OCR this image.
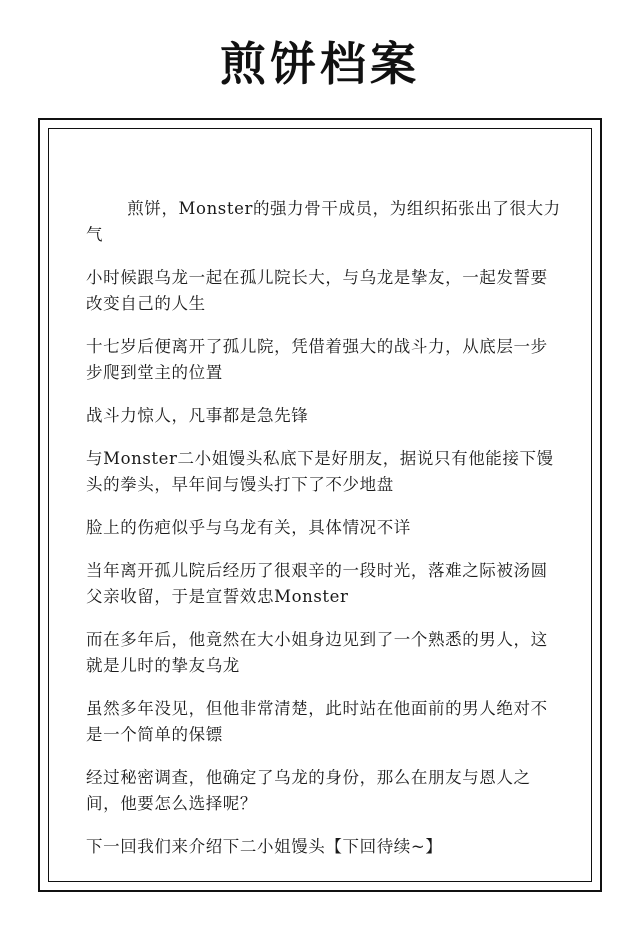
煎饼档案

煎饼，Monster的强力骨干成员，为组织拓张出了很大力气

小时候跟乌龙一起在孤儿院长大，与乌龙是挚友，一起发誓要改变自己的人生

十七岁后便离开了孤儿院，凭借着强大的战斗力，从底层一步步爬到堂主的位置

战斗力惊人，凡事都是急先锋

与Monster二小姐馒头私底下是好朋友，据说只有他能接下馒头的拳头，早年间与馒头打下了不少地盘

脸上的伤疤似乎与乌龙有关，具体情况不详

当年离开孤儿院后经历了很艰辛的一段时光，落难之际被汤圆父亲收留，于是宣誓效忠Monster

而在多年后，他竟然在大小姐身边见到了一个熟悉的男人，这就是儿时的挚友乌龙

虽然多年没见，但他非常清楚，此时站在他面前的男人绝对不是一个简单的保镖

经过秘密调查，他确定了乌龙的身份，那么在朋友与恩人之间，他要怎么选择呢？

下一回我们来介绍下二小姐馒头【下回待续~】
